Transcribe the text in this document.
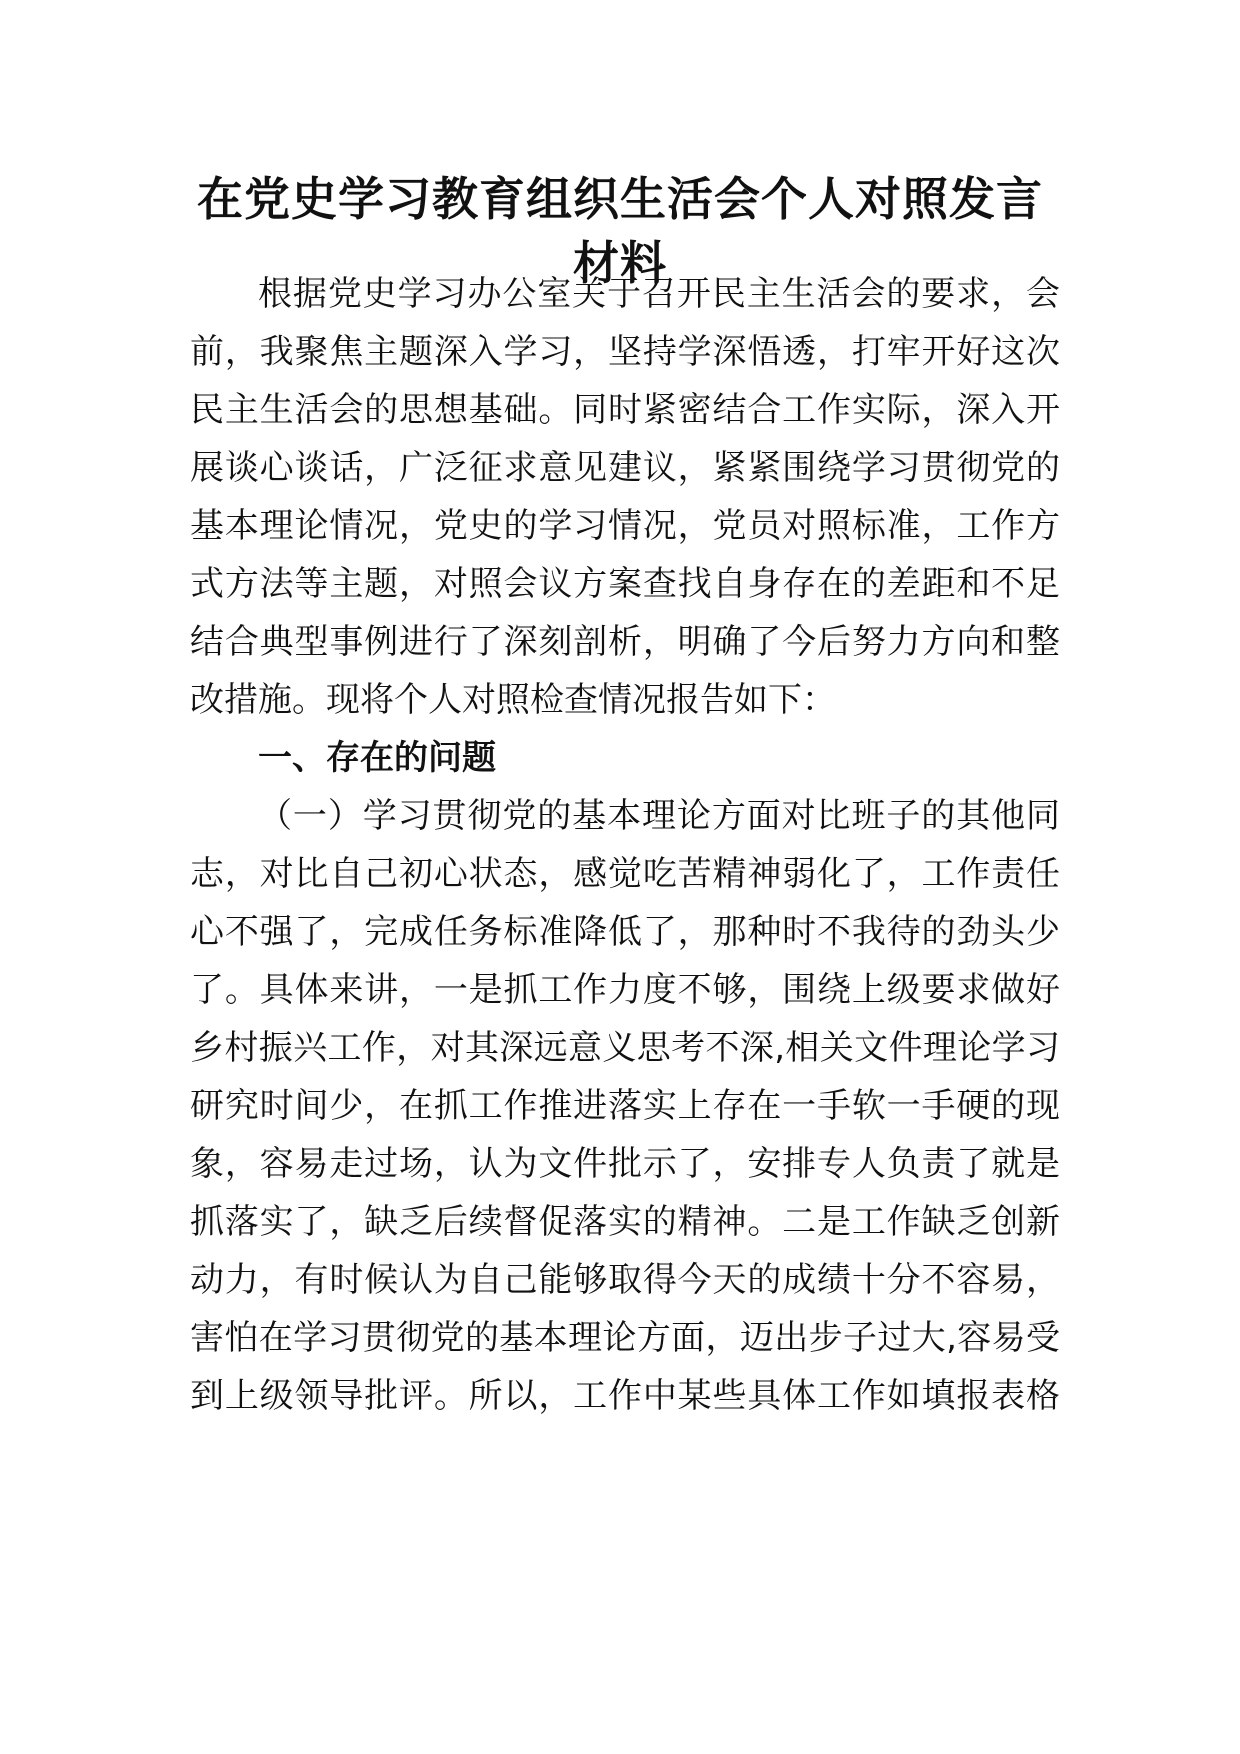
在党史学习教育组织生活会个人对照发言
材料
根据党史学习办公室关于召开民主生活会的要求，会
前，我聚焦主题深入学习，坚持学深悟透，打牢开好这次
民主生活会的思想基础。同时紧密结合工作实际，深入开
展谈心谈话，广泛征求意见建议，紧紧围绕学习贯彻党的
基本理论情况，党史的学习情况，党员对照标准，工作方
式方法等主题，对照会议方案查找自身存在的差距和不足
结合典型事例进行了深刻剖析，明确了今后努力方向和整
改措施。现将个人对照检查情况报告如下：
一、存在的问题
（一）学习贯彻党的基本理论方面对比班子的其他同
志，对比自己初心状态，感觉吃苦精神弱化了，工作责任
心不强了，完成任务标准降低了，那种时不我待的劲头少
了。具体来讲，一是抓工作力度不够，围绕上级要求做好
乡村振兴工作，对其深远意义思考不深,相关文件理论学习
研究时间少，在抓工作推进落实上存在一手软一手硬的现
象，容易走过场，认为文件批示了，安排专人负责了就是
抓落实了，缺乏后续督促落实的精神。二是工作缺乏创新
动力，有时候认为自己能够取得今天的成绩十分不容易，
害怕在学习贯彻党的基本理论方面，迈出步子过大,容易受
到上级领导批评。所以，工作中某些具体工作如填报表格
